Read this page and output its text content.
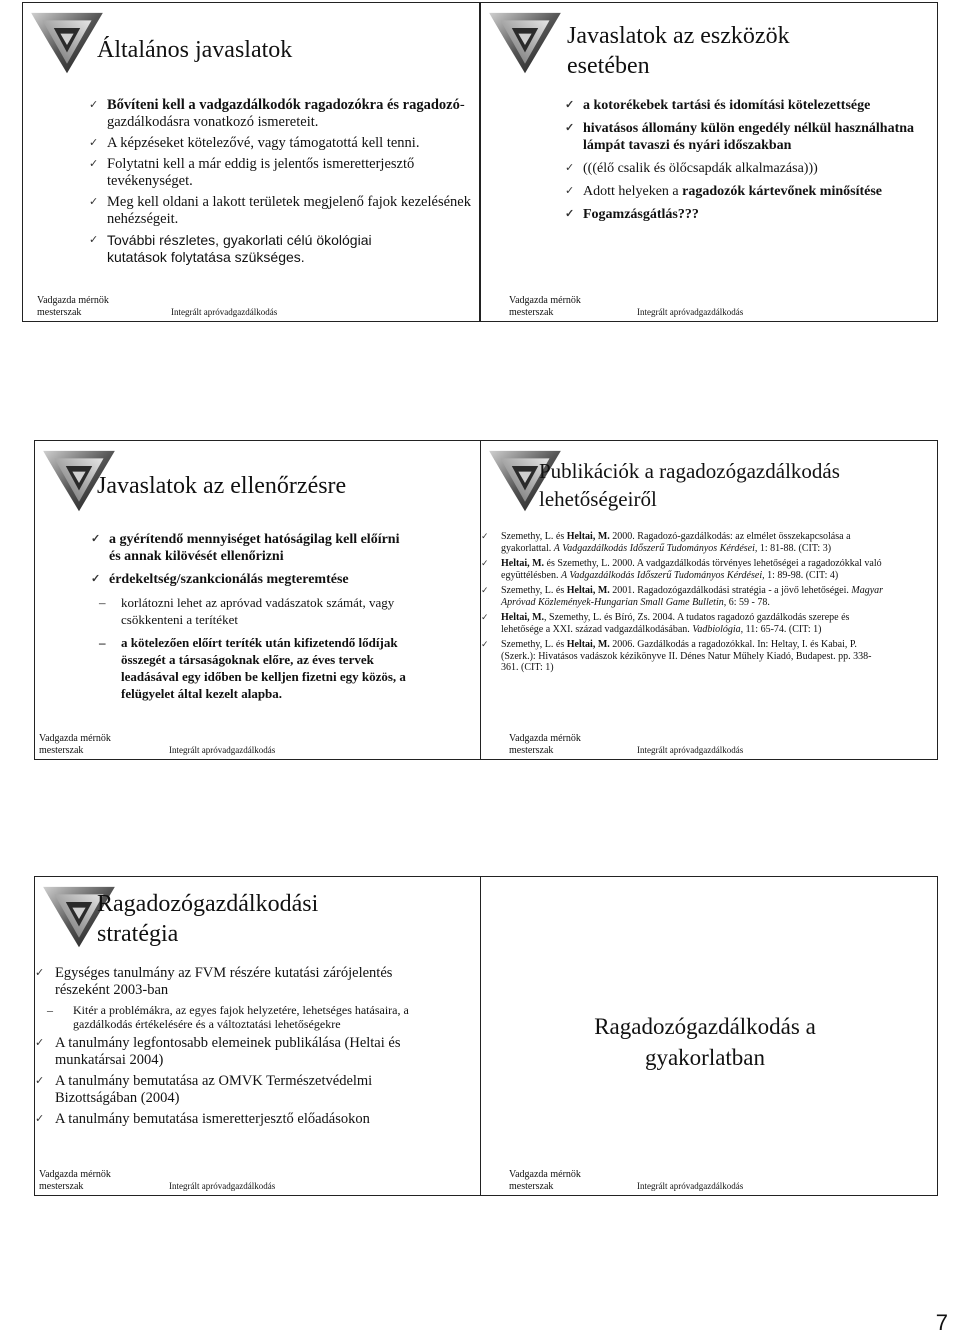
Általános javaslatok

✓ Bővíteni kell a vadgazdálkodók ragadozókra és ragadozó-gazdálkodásra vonatkozó ismereteit.

✓ A képzéseket kötelezővé, vagy támogatottá kell tenni.

✓ Folytatni kell a már eddig is jelentős ismeretterjesztő tevékenységet.

✓ Meg kell oldani a lakott területek megjelenő fajok kezelésének nehézségeit.

✓ További részletes, gyakorlati célú ökológiai kutatások folytatása szükséges.

Vadgazda mérnök
mesterszak	Integrált apróvadgazdálkodás
Javaslatok az eszközök esetében

✓ a kotorékebek tartási és idomítási kötelezettsége

✓ hivatásos állomány külön engedély nélkül használhatna lámpát tavaszi és nyári időszakban

✓ (((élő csalik és ölőcsapdák alkalmazása)))

✓ Adott helyeken a ragadozók kártevőnek minősítése

✓ Fogamzásgátlás???

Vadgazda mérnök
mesterszak	Integrált apróvadgazdálkodás
Javaslatok az ellenőrzésre

✓ a gyérítendő mennyiséget hatóságilag kell előírni és annak kilövését ellenőrizni

✓ érdekeltség/szankcionálás megteremtése

– korlátozni lehet az apróvad vadászatok számát, vagy csökkenteni a terítéket

– a kötelezően előírt teríték után kifizetendő lődíjak összegét a társaságoknak előre, az éves tervek leadásával egy időben be kelljen fizetni egy közös, a felügyelet által kezelt alapba.

Vadgazda mérnök
mesterszak	Integrált apróvadgazdálkodás
Publikációk a ragadozógazdálkodás lehetőségeiről

✓ Szemethy, L. és Heltai, M. 2000. Ragadozó-gazdálkodás: az elmélet összekapcsolása a gyakorlattal. A Vadgazdálkodás Időszerű Tudományos Kérdései, 1: 81-88. (CIT: 3)

✓ Heltai, M. és Szemethy, L. 2000. A vadgazdálkodás törvényes lehetőségei a ragadozókkal való együttélésben. A Vadgazdálkodás Időszerű Tudományos Kérdései, 1: 89-98. (CIT: 4)

✓ Szemethy, L. és Heltai, M. 2001. Ragadozógazdálkodási stratégia - a jövő lehetőségei. Magyar Apróvad Közlemények-Hungarian Small Game Bulletin, 6: 59 - 78.

✓ Heltai, M., Szemethy, L. és Bíró, Zs. 2004. A tudatos ragadozó gazdálkodás szerepe és lehetősége a XXI. század vadgazdálkodásában. Vadbiológia, 11: 65-74. (CIT: 1)

✓ Szemethy, L. és Heltai, M. 2006. Gazdálkodás a ragadozókkal. In: Heltay, I. és Kabai, P. (Szerk.): Hivatásos vadászok kézikönyve II. Dénes Natur Műhely Kiadó, Budapest. pp. 338-361. (CIT: 1)

Vadgazda mérnök
mesterszak	Integrált apróvadgazdálkodás
Ragadozógazdálkodási stratégia

✓ Egységes tanulmány az FVM részére kutatási zárójelentés részeként 2003-ban

– Kitér a problémákra, az egyes fajok helyzetére, lehetséges hatásaira, a gazdálkodás értékelésére és a változtatási lehetőségekre

✓ A tanulmány legfontosabb elemeinek publikálása (Heltai és munkatársai 2004)

✓ A tanulmány bemutatása az OMVK Természetvédelmi Bizottságában (2004)

✓ A tanulmány bemutatása ismeretterjesztő előadásokon

Vadgazda mérnök
mesterszak	Integrált apróvadgazdálkodás
Ragadozógazdálkodás a gyakorlatban
Vadgazda mérnök
mesterszak	Integrált apróvadgazdálkodás
7
